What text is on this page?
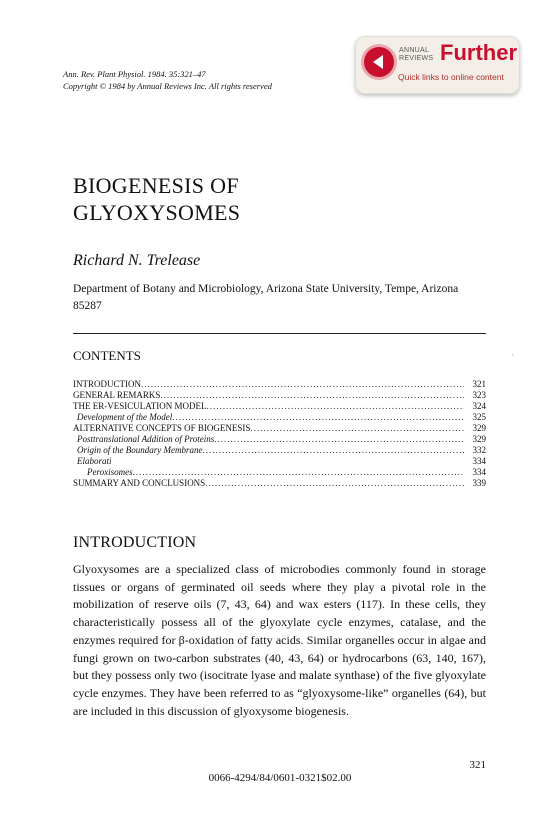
Ann. Rev. Plant Physiol. 1984. 35:321–47
Copyright © 1984 by Annual Reviews Inc. All rights reserved
ANNUAL
REVIEWS Further
Quick links to online content
BIOGENESIS OF
GLYOXYSOMES
Richard N. Trelease
Department of Botany and Microbiology, Arizona State University, Tempe, Arizona 85287
˛
CONTENTS
INTRODUCTION .....	321
GENERAL REMARKS .....	323
THE ER-VESICULATION MODEL .....	324
Development of the Model .....	325
ALTERNATIVE CONCEPTS OF BIOGENESIS .....	329
Posttranslational Addition of Proteins .....	329
Origin of the Boundary Membrane .....	332
Elaborati	334
Peroxisomes .....	334
SUMMARY AND CONCLUSIONS .....	339
INTRODUCTION
Glyoxysomes are a specialized class of microbodies commonly found in storage tissues or organs of germinated oil seeds where they play a pivotal role in the mobilization of reserve oils (7, 43, 64) and wax esters (117). In these cells, they characteristically possess all of the glyoxylate cycle enzymes, catalase, and the enzymes required for β-oxidation of fatty acids. Similar organelles occur in algae and fungi grown on two-carbon substrates (40, 43, 64) or hydrocarbons (63, 140, 167), but they possess only two (isocitrate lyase and malate synthase) of the five glyoxylate cycle enzymes. They have been referred to as “glyoxysome-like” organelles (64), but are included in this discussion of glyoxysome biogenesis.
321
0066-4294/84/0601-0321$02.00
